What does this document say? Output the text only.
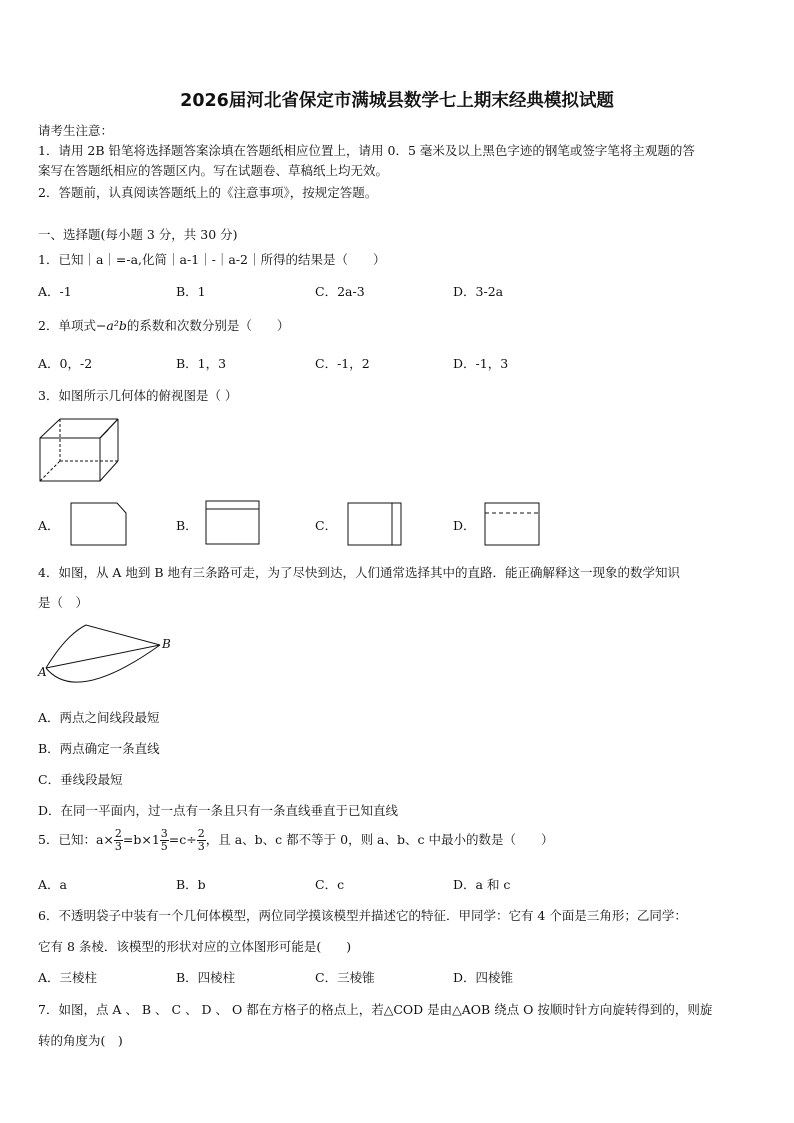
2026届河北省保定市满城县数学七上期末经典模拟试题
请考生注意：
1．请用 2B 铅笔将选择题答案涂填在答题纸相应位置上，请用 0．5 毫米及以上黑色字迹的钢笔或签字笔将主观题的答
案写在答题纸相应的答题区内。写在试题卷、草稿纸上均无效。
2．答题前，认真阅读答题纸上的《注意事项》，按规定答题。
一、选择题(每小题 3 分，共 30 分)
1．已知｜a｜=-a,化简｜a-1｜-｜a-2｜所得的结果是（　　）
A．-1	B．1	C．2a-3	D．3-2a
2．单项式−a²b的系数和次数分别是（　　）
A．0，-2	B．1，3	C．-1，2	D．-1，3
3．如图所示几何体的俯视图是（ ）
A．	B．	C．	D．
4．如图，从 A 地到 B 地有三条路可走，为了尽快到达，人们通常选择其中的直路．能正确解释这一现象的数学知识
是（　）
A
B
A．两点之间线段最短
B．两点确定一条直线
C．垂线段最短
D．在同一平面内，过一点有一条且只有一条直线垂直于已知直线
5．已知：$a\times \frac{2}{3} =b\times 1 \frac{3}{5} =c\div \frac{2}{3}$ ，且 a、b、c 都不等于 0，则 a、b、c 中最小的数是（　　）
A．a	B．b	C．c	D．a 和 c
6．不透明袋子中装有一个几何体模型，两位同学摸该模型并描述它的特征．甲同学：它有 4 个面是三角形；乙同学：
它有 8 条棱．该模型的形状对应的立体图形可能是(　　)
A．三棱柱	B．四棱柱	C．三棱锥	D．四棱锥
7．如图，点 A 、 B 、 C 、 D 、 O 都在方格子的格点上，若△COD 是由△AOB 绕点 O 按顺时针方向旋转得到的，则旋
转的角度为(　)
